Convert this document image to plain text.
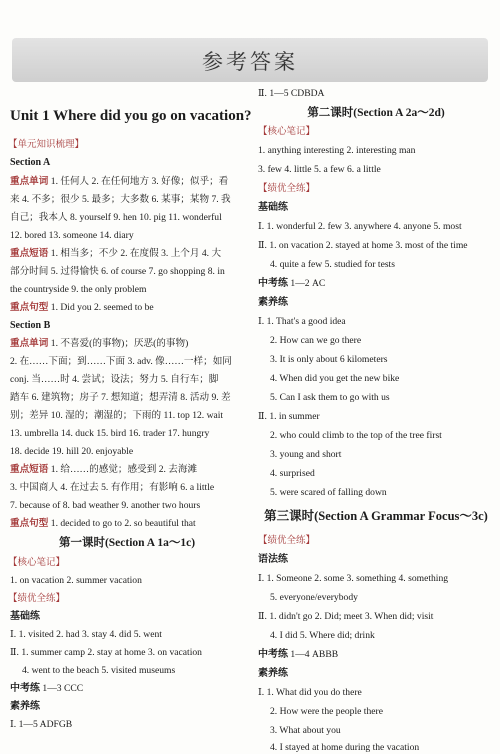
参考答案
Unit 1 Where did you go on vacation?
【单元知识梳理】
Section A
重点单词 1. 任何人 2. 在任何地方 3. 好像；似乎；看
来 4. 不多；很少 5. 最多；大多数 6. 某事；某物 7. 我
自己；我本人 8. yourself 9. hen 10. pig 11. wonderful
12. bored 13. someone 14. diary
重点短语 1. 相当多；不少 2. 在度假 3. 上个月 4. 大
部分时间 5. 过得愉快 6. of course 7. go shopping 8. in
the countryside 9. the only problem
重点句型 1. Did you 2. seemed to be
Section B
重点单词 1. 不喜爱(的事物)；厌恶(的事物)
2. 在……下面；到……下面 3. adv. 像……一样；如同
conj. 当……时 4. 尝试；设法；努力 5. 自行车；脚
踏车 6. 建筑物；房子 7. 想知道；想弄清 8. 活动 9. 差
别；差异 10. 湿的；潮湿的；下雨的 11. top 12. wait
13. umbrella 14. duck 15. bird 16. trader 17. hungry
18. decide 19. hill 20. enjoyable
重点短语 1. 给……的感觉；感受到 2. 去海滩
3. 中国商人 4. 在过去 5. 有作用；有影响 6. a little
7. because of 8. bad weather 9. another two hours
重点句型 1. decided to go to 2. so beautiful that
第一课时(Section A 1a～1c)
【核心笔记】
1. on vacation 2. summer vacation
【绩优全练】
基础练
Ⅰ. 1. visited 2. had 3. stay 4. did 5. went
Ⅱ. 1. summer camp 2. stay at home 3. on vacation
4. went to the beach 5. visited museums
中考练 1—3 CCC
素养练
Ⅰ. 1—5 ADFGB
Ⅱ. 1—5 CDBDA
第二课时(Section A 2a～2d)
【核心笔记】
1. anything interesting 2. interesting man
3. few 4. little 5. a few 6. a little
【绩优全练】
基础练
Ⅰ. 1. wonderful 2. few 3. anywhere 4. anyone 5. most
Ⅱ. 1. on vacation 2. stayed at home 3. most of the time
4. quite a few 5. studied for tests
中考练 1—2 AC
素养练
Ⅰ. 1. That's a good idea
2. How can we go there
3. It is only about 6 kilometers
4. When did you get the new bike
5. Can I ask them to go with us
Ⅱ. 1. in summer
2. who could climb to the top of the tree first
3. young and short
4. surprised
5. were scared of falling down
第三课时(Section A Grammar Focus～3c)
【绩优全练】
语法练
Ⅰ. 1. Someone 2. some 3. something 4. something
5. everyone/everybody
Ⅱ. 1. didn't go 2. Did; meet 3. When did; visit
4. I did 5. Where did; drink
中考练 1—4 ABBB
素养练
Ⅰ. 1. What did you do there
2. How were the people there
3. What about you
4. I stayed at home during the vacation
